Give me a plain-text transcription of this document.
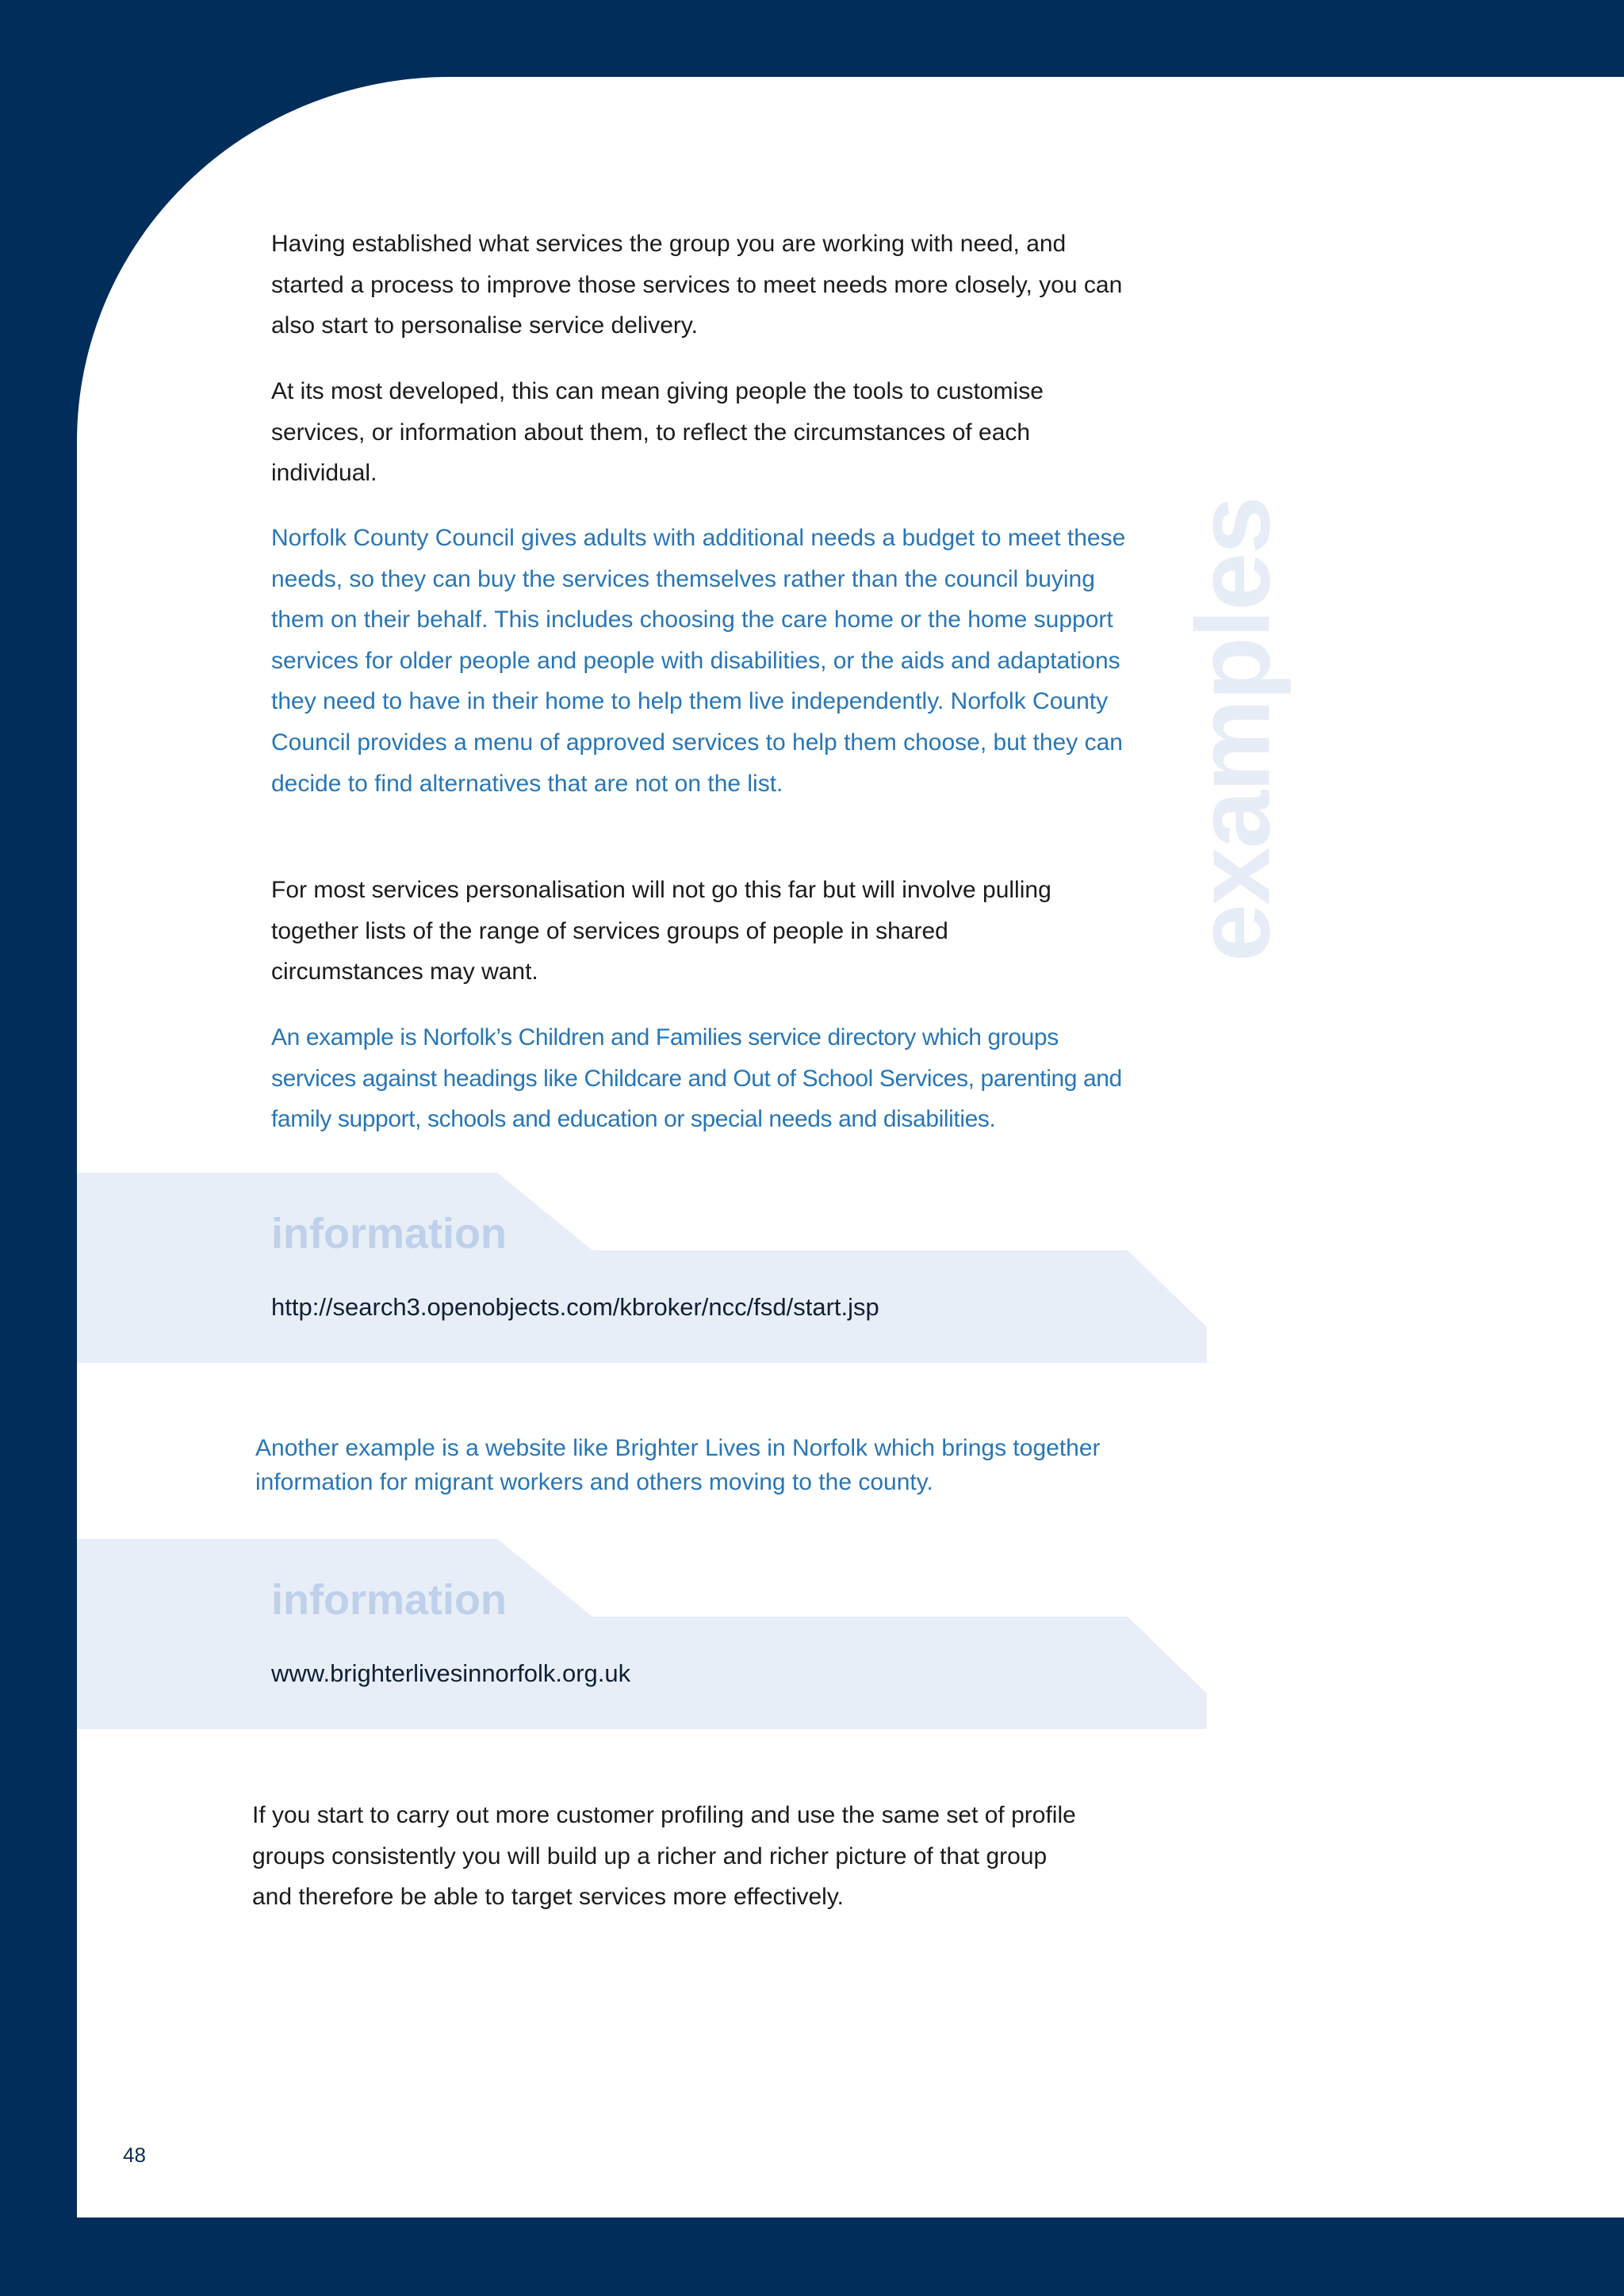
Having established what services the group you are working with need, and started a process to improve those services to meet needs more closely, you can also start to personalise service delivery.

At its most developed, this can mean giving people the tools to customise services, or information about them, to reflect the circumstances of each individual.

Norfolk County Council gives adults with additional needs a budget to meet these needs, so they can buy the services themselves rather than the council buying them on their behalf. This includes choosing the care home or the home support services for older people and people with disabilities, or the aids and adaptations they need to have in their home to help them live independently. Norfolk County Council provides a menu of approved services to help them choose, but they can decide to find alternatives that are not on the list.

For most services personalisation will not go this far but will involve pulling together lists of the range of services groups of people in shared circumstances may want.

An example is Norfolk’s Children and Families service directory which groups services against headings like Childcare and Out of School Services, parenting and family support, schools and education or special needs and disabilities.

examples
information
http://search3.openobjects.com/kbroker/ncc/fsd/start.jsp

Another example is a website like Brighter Lives in Norfolk which brings together information for migrant workers and others moving to the county.

information
www.brighterlivesinnorfolk.org.uk

If you start to carry out more customer profiling and use the same set of profile groups consistently you will build up a richer and richer picture of that group and therefore be able to target services more effectively.

48
